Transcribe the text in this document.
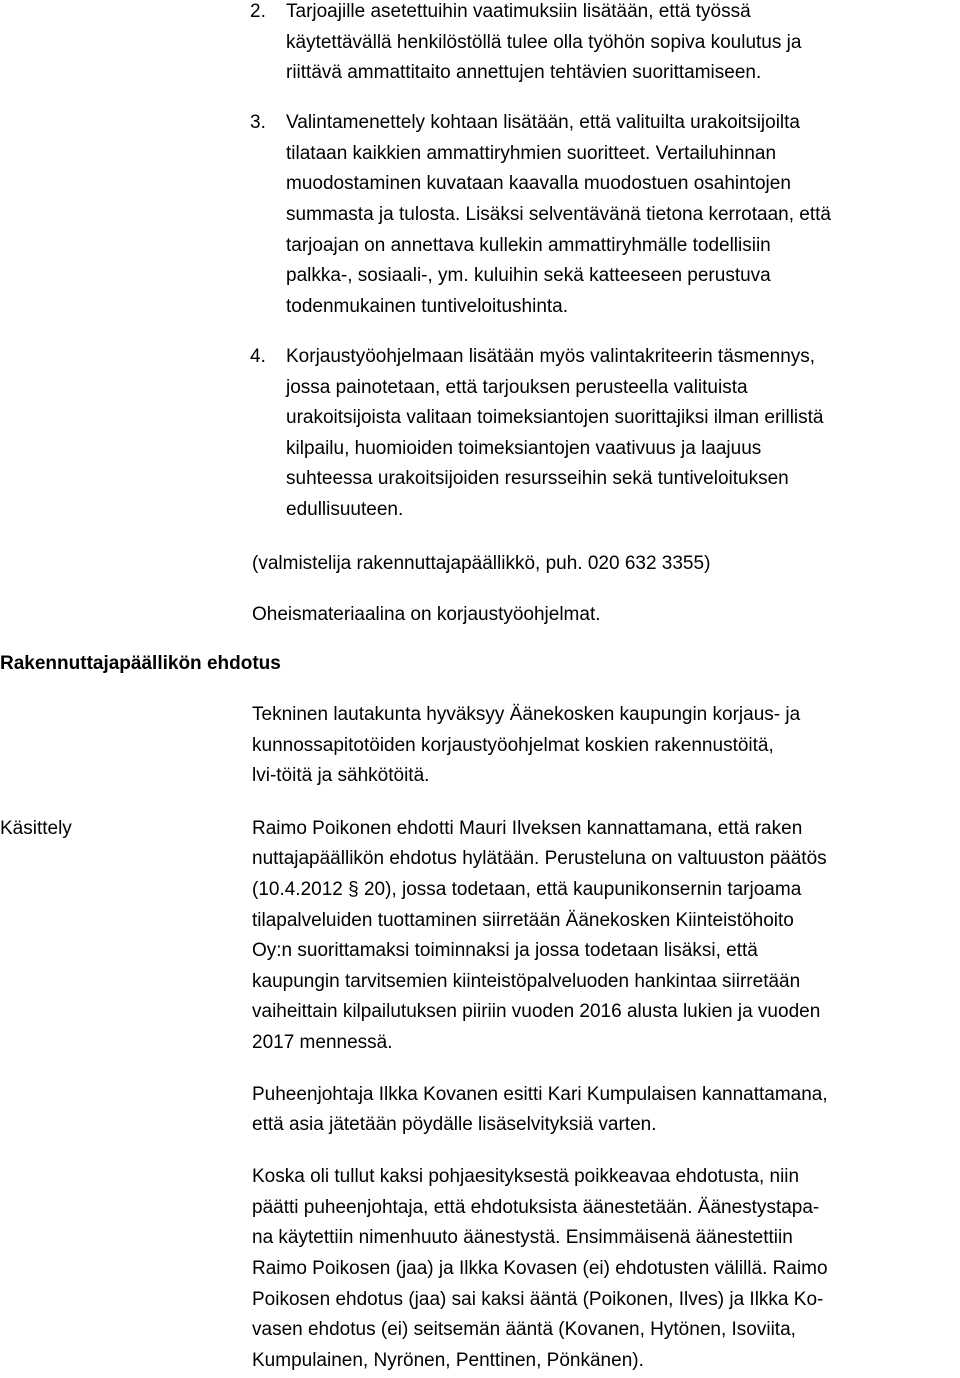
2. Tarjoajille asetettuihin vaatimuksiin lisätään, että työssä
käytettävällä henkilöstöllä tulee olla työhön sopiva koulutus ja
riittävä ammattitaito annettujen tehtävien suorittamiseen.
3. Valintamenettely kohtaan lisätään, että valituilta urakoitsijoilta
tilataan kaikkien ammattiryhmien suoritteet. Vertailuhinnan
muodostaminen kuvataan kaavalla muodostuen osahintojen
summasta ja tulosta. Lisäksi selventävänä tietona kerrotaan, että
tarjoajan on annettava kullekin ammattiryhmälle todellisiin
palkka-, sosiaali-, ym. kuluihin sekä katteeseen perustuva
todenmukainen tuntiveloitushinta.
4. Korjaustyöohjelmaan lisätään myös valintakriteerin täsmennys,
jossa painotetaan, että tarjouksen perusteella valituista
urakoitsijoista valitaan toimeksiantojen suorittajiksi ilman erillistä
kilpailu, huomioiden toimeksiantojen vaativuus ja laajuus
suhteessa urakoitsijoiden resursseihin sekä tuntiveloituksen
edullisuuteen.
(valmistelija rakennuttajapäällikkö, puh. 020 632 3355)
Oheismateriaalina on korjaustyöohjelmat.
Rakennuttajapäällikön ehdotus
Tekninen lautakunta hyväksyy Äänekosken kaupungin korjaus- ja
kunnossapitotöiden korjaustyöohjelmat koskien rakennustöitä,
lvi-töitä ja sähkötöitä.
Käsittely	Raimo Poikonen ehdotti Mauri Ilveksen kannattamana, että raken
nuttajapäällikön ehdotus hylätään. Perusteluna on valtuuston päätös
(10.4.2012 § 20), jossa todetaan, että kaupunikonsernin tarjoama
tilapalveluiden tuottaminen siirretään Äänekosken Kiinteistöhoito
Oy:n suorittamaksi toiminnaksi ja jossa todetaan lisäksi, että
kaupungin tarvitsemien kiinteistöpalveluoden hankintaa siirretään
vaiheittain kilpailutuksen piiriin vuoden 2016 alusta lukien ja vuoden
2017 mennessä.
Puheenjohtaja Ilkka Kovanen esitti Kari Kumpulaisen kannattamana,
että asia jätetään pöydälle lisäselvityksiä varten.
Koska oli tullut kaksi pohjaesityksestä poikkeavaa ehdotusta, niin
päätti puheenjohtaja, että ehdotuksista äänestetään. Äänestystapa-
na käytettiin nimenhuuto äänestystä. Ensimmäisenä äänestettiin
Raimo Poikosen (jaa) ja Ilkka Kovasen (ei) ehdotusten välillä. Raimo
Poikosen ehdotus (jaa) sai kaksi ääntä (Poikonen, Ilves) ja Ilkka Ko-
vasen ehdotus (ei) seitsemän ääntä (Kovanen, Hytönen, Isoviita,
Kumpulainen, Nyrönen, Penttinen, Pönkänen).
